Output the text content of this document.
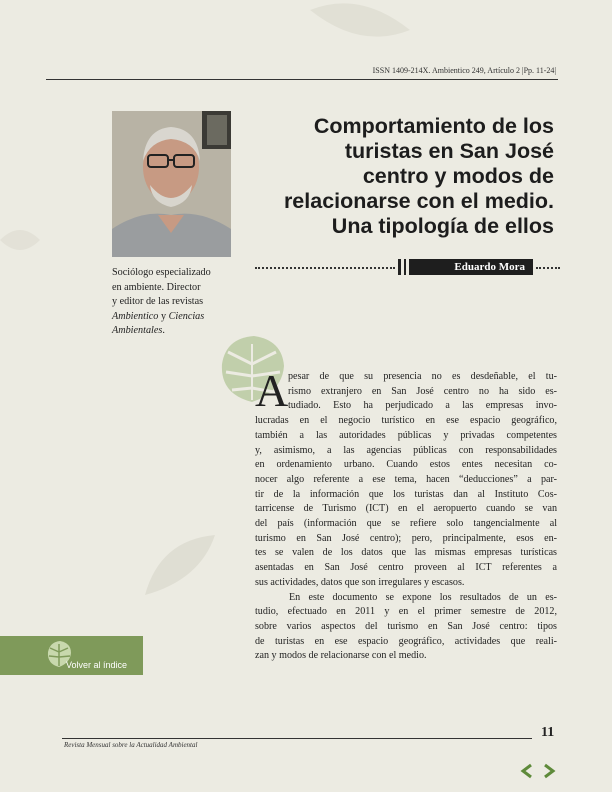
ISSN 1409-214X. Ambientico 249, Artículo 2 |Pp. 11-24|
Sociólogo especializado
en ambiente. Director
y editor de las revistas
Ambientico y Ciencias
Ambientales.
Comportamiento de los
turistas en San José
centro y modos de
relacionarse con el medio.
Una tipología de ellos
Eduardo Mora
A pesar de que su presencia no es desdeñable, el tu-
rismo extranjero en San José centro no ha sido es-
tudiado. Esto ha perjudicado a las empresas invo-
lucradas en el negocio turístico en ese espacio geográfico,
también a las autoridades públicas y privadas competentes
y, asimismo, a las agencias públicas con responsabilidades
en ordenamiento urbano. Cuando estos entes necesitan co-
nocer algo referente a ese tema, hacen “deducciones” a par-
tir de la información que los turistas dan al Instituto Cos-
tarricense de Turismo (ICT) en el aeropuerto cuando se van
del país (información que se refiere solo tangencialmente al
turismo en San José centro); pero, principalmente, esos en-
tes se valen de los datos que las mismas empresas turísticas
asentadas en San José centro proveen al ICT referentes a
sus actividades, datos que son irregulares y escasos.
En este documento se expone los resultados de un es-
tudio, efectuado en 2011 y en el primer semestre de 2012,
sobre varios aspectos del turismo en San José centro: tipos
de turistas en ese espacio geográfico, actividades que reali-
zan y modos de relacionarse con el medio.
Volver al índice
11
Revista Mensual sobre la Actualidad Ambiental
